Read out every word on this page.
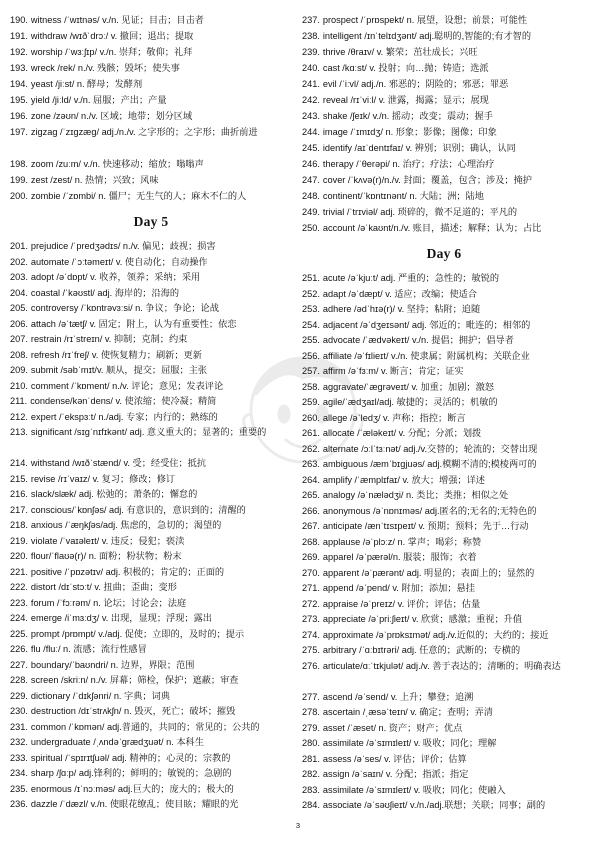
190. witness /ˈwɪtnəs/ v./n. 见证；目击；目击者
191. withdraw /wɪðˈdrɔː/ v. 撤回；退出；提取
192. worship /ˈwɜːʃɪp/ v./n. 崇拜；敬仰；礼拜
193. wreck /rek/ n./v. 残骸；毁坏；使失事
194. yeast /jiːst/ n. 酵母；发酵剂
195. yield /jiːld/ v./n. 屈服；产出；产量
196. zone /zəʊn/ n./v. 区域；地带；划分区域
197. zigzag /ˈzɪɡzæɡ/ adj./n./v. 之字形的；之字形；曲折前进
198. zoom /zuːm/ v./n. 快速移动；缩放；嗡嗡声
199. zest /zest/ n. 热情；兴致；风味
200. zombie /ˈzɒmbi/ n. 僵尸；无生气的人；麻木不仁的人
Day 5
201. prejudice /ˈpredʒədɪs/ n./v. 偏见；歧视；损害
202. automate /ˈɔːtəmeɪt/ v. 使自动化；自动操作
203. adopt /əˈdɒpt/ v. 收养，领养；采纳；采用
204. coastal /ˈkəʊstl/ adj. 海岸的；沿海的
205. controversy /ˈkɒntrəvɜːsi/ n. 争议；争论；论战
206. attach /əˈtætʃ/ v. 固定；附上，认为有重要性；依恋
207. restrain /rɪˈstreɪn/ v. 抑制；克制；约束
208. refresh /rɪˈfreʃ/ v. 使恢复精力；刷新；更新
209. submit /səbˈmɪt/v. 顺从，提交；屈服；主张
210. comment /ˈkɒment/ n./v. 评论；意见；发表评论
211. condense/kənˈdens/ v. 使浓缩；使冷凝；精简
212. expert /ˈekspɜːt/ n./adj. 专家；内行的；熟练的
213. significant /sɪɡˈnɪfɪkənt/ adj. 意义重大的；显著的；重要的
214. withstand /wɪðˈstænd/ v. 受；经受住；抵抗
215. revise /rɪˈvaɪz/ v. 复习；修改；修订
216. slack/slæk/ adj. 松弛的；萧条的；懈怠的
217. conscious/ˈkɒnʃəs/ adj. 有意识的，意识到的；清醒的
218. anxious /ˈæŋkʃəs/adj. 焦虑的，急切的；渴望的
219. violate /ˈvaɪəleɪt/ v. 违反；侵犯；亵渎
220. flour/ˈflaʊə(r)/ n. 面粉；粉状物；粉末
221. positive /ˈpɒzətɪv/ adj. 积极的；肯定的；正面的
222. distort /dɪˈstɔːt/ v. 扭曲；歪曲；变形
223. forum /ˈfɔːrəm/ n. 论坛；讨论会；法庭
224. emerge /iˈmɜːdʒ/ v. 出现，显现；浮现；露出
225. prompt /prɒmpt/ v./adj. 促使；立即的，及时的；提示
226. flu /fluː/ n. 流感；流行性感冒
227. boundary/ˈbaʊndri/ n. 边界，界限；范围
228. screen /skriːn/ n./v. 屏幕；筛检，保护；遮蔽；审查
229. dictionary /ˈdɪkʃənri/ n. 字典；词典
230. destruction /dɪˈstrʌkʃn/ n. 毁灭，死亡；破坏；摧毁
231. common /ˈkɒmən/ adj.普通的，共同的；常见的；公共的
232. undergraduate /ˌʌndəˈɡrædʒuət/ n. 本科生
233. spiritual /ˈspɪrɪtʃuəl/ adj. 精神的；心灵的；宗教的
234. sharp /ʃɑːp/ adj.锋利的；鲜明的；敏锐的；急剧的
235. enormous /ɪˈnɔːməs/ adj.巨大的；庞大的；极大的
236. dazzle /ˈdæzl/ v./n. 使眼花缭乱；使目眩；耀眼的光
237. prospect /ˈprɒspekt/ n. 展望，设想；前景；可能性
238. intelligent /ɪnˈtelɪdʒənt/ adj.聪明的,智能的;有才智的
239. thrive /θraɪv/ v. 繁荣；茁壮成长；兴旺
240. cast /kɑːst/ v. 投射；向…抛；铸造；选派
241. evil /ˈiːvl/ adj./n. 邪恶的；阴险的；邪恶；罪恶
242. reveal /rɪˈviːl/ v. 泄露，揭露；显示；展现
243. shake /ʃeɪk/ v./n. 摇动；改变；震动；握手
244. image /ˈɪmɪdʒ/ n. 形象；影像；图像；印象
245. identify /aɪˈdentɪfaɪ/ v. 辨别；识别；确认，认同
246. therapy /ˈθerəpi/ n. 治疗；疗法；心理治疗
247. cover /ˈkʌvə(r)/n./v. 封面；覆盖，包含；涉及；掩护
248. continent/ˈkɒntɪnənt/ n. 大陆；洲；陆地
249. trivial /ˈtrɪviəl/ adj. 琐碎的，微不足道的；平凡的
250. account /əˈkaʊnt/n./v. 账目，描述；解释；认为；占比
Day 6
251. acute /əˈkjuːt/ adj. 严重的；急性的；敏锐的
252. adapt /əˈdæpt/ v. 适应；改编；使适合
253. adhere /ədˈhɪə(r)/ v. 坚持；粘附；追随
254. adjacent /əˈdʒeɪsənt/ adj. 邻近的；毗连的；相邻的
255. advocate /ˈædvəkeɪt/ v./n. 提倡；拥护；倡导者
256. affiliate /əˈfɪlieɪt/ v./n. 使隶属；附属机构；关联企业
257. affirm /əˈfɜːm/ v. 断言；肯定；证实
258. aggravate/ˈæɡrəveɪt/ v. 加重；加剧；激怒
259. agile/ˈædʒaɪl/adj. 敏捷的；灵活的；机敏的
260. allege /əˈledʒ/ v. 声称；指控；断言
261. allocate /ˈæləkeɪt/ v. 分配；分派；划拨
262. alternate /ɔːlˈtɜːnət/ adj./v.交替的；轮流的；交替出现
263. ambiguous /æmˈbɪɡjuəs/ adj.模糊不清的;模棱两可的
264. amplify /ˈæmplɪfaɪ/ v. 放大；增强；详述
265. analogy /əˈnælədʒi/ n. 类比；类推；相似之处
266. anonymous /əˈnɒnɪməs/ adj.匿名的;无名的;无特色的
267. anticipate /ænˈtɪsɪpeɪt/ v. 预期；预料；先于…行动
268. applause /əˈplɔːz/ n. 掌声；喝彩；称赞
269. apparel /əˈpærəl/n. 服装；服饰；衣着
270. apparent /əˈpærənt/ adj. 明显的；表面上的；显然的
271. append /əˈpend/ v. 附加；添加；悬挂
272. appraise /əˈpreɪz/ v. 评价；评估；估量
273. appreciate /əˈpriːʃieɪt/ v. 欣赏；感激；重视；升值
274. approximate /əˈprɒksɪmət/ adj./v.近似的；大约的；接近
275. arbitrary /ˈɑːbɪtrəri/ adj. 任意的；武断的；专横的
276. articulate/ɑːˈtɪkjulət/ adj./v. 善于表达的；清晰的；明确表达
277. ascend /əˈsend/ v. 上升；攀登；追溯
278. ascertain /ˌæsəˈteɪn/ v. 确定；查明；弄清
279. asset /ˈæset/ n. 资产；财产；优点
280. assimilate /əˈsɪmɪleɪt/ v. 吸收；同化；理解
281. assess /əˈses/ v. 评估；评价；估算
282. assign /əˈsaɪn/ v. 分配；指派；指定
283. assimilate /əˈsɪmɪleɪt/ v. 吸收；同化；使融入
284. associate /əˈsəʊʃieɪt/ v./n./adj.联想；关联；同事；副的
3
